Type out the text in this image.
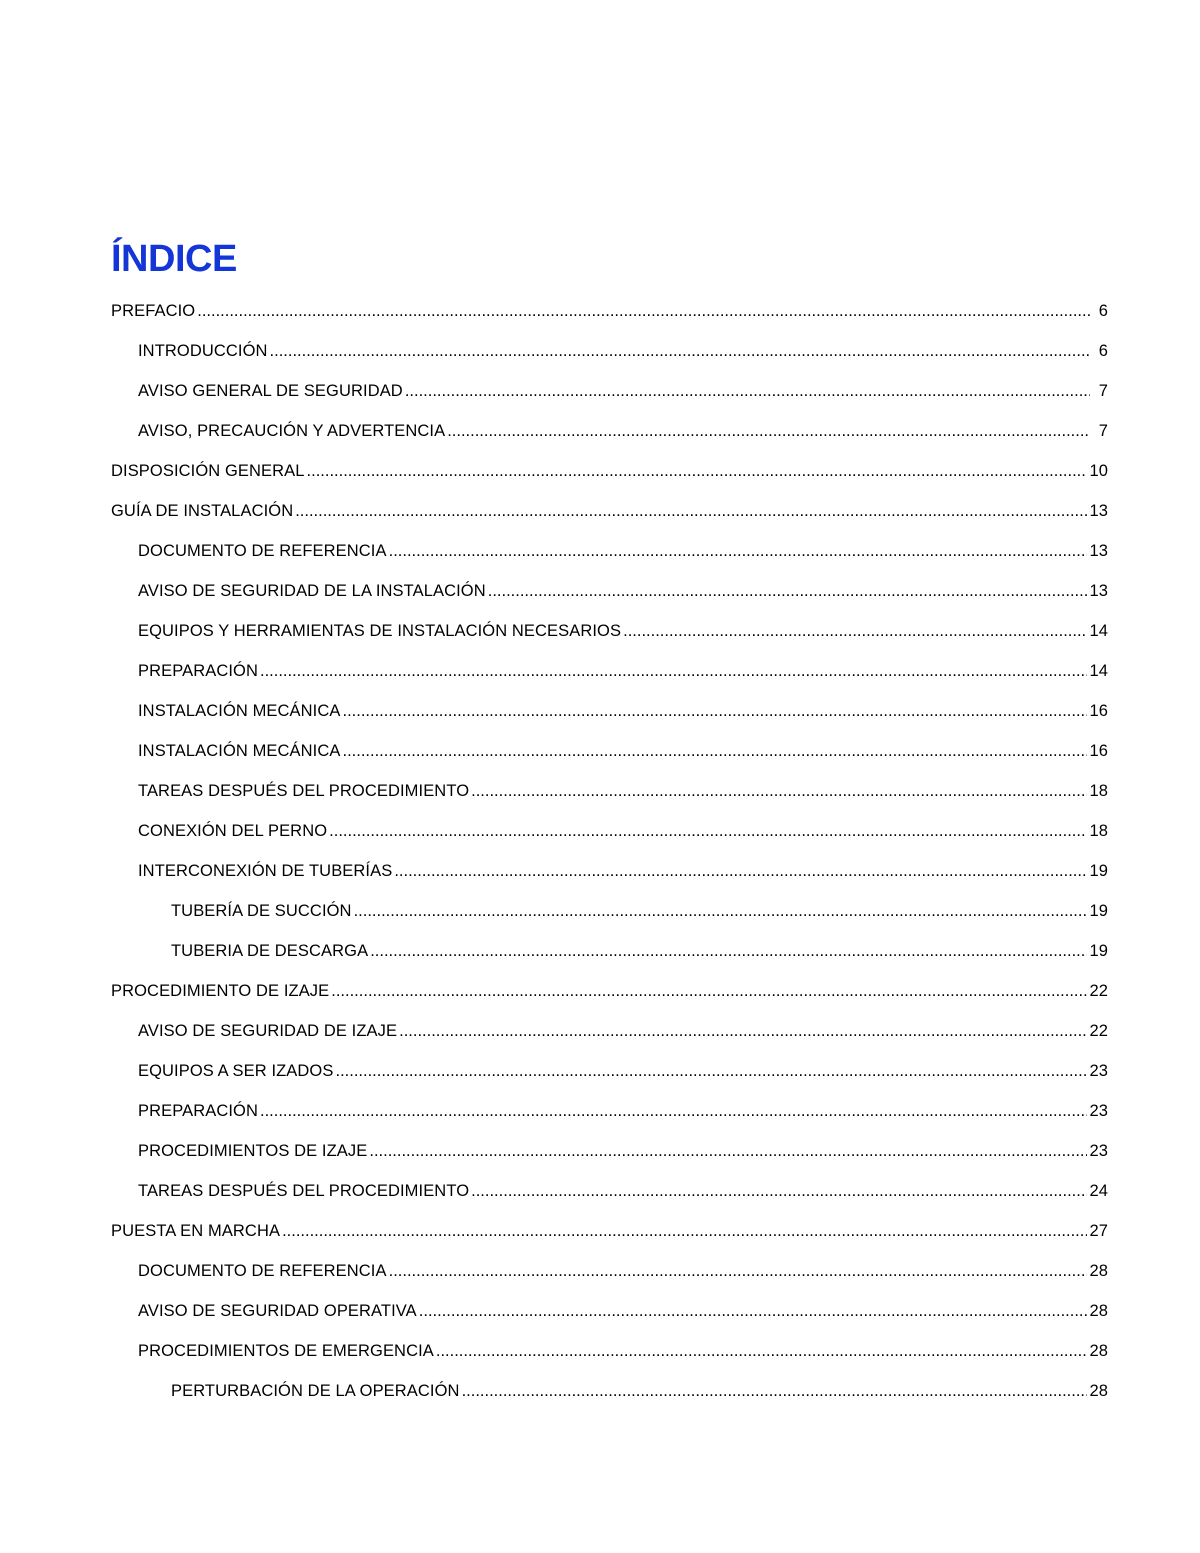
ÍNDICE
PREFACIO .....	6
INTRODUCCIÓN .....	6
AVISO GENERAL DE SEGURIDAD .....	7
AVISO, PRECAUCIÓN Y ADVERTENCIA .....	7
DISPOSICIÓN GENERAL .....	10
GUÍA DE INSTALACIÓN .....	13
DOCUMENTO DE REFERENCIA .....	13
AVISO DE SEGURIDAD DE LA INSTALACIÓN .....	13
EQUIPOS Y HERRAMIENTAS DE INSTALACIÓN NECESARIOS .....	14
PREPARACIÓN .....	14
INSTALACIÓN MECÁNICA .....	16
INSTALACIÓN MECÁNICA .....	16
TAREAS DESPUÉS DEL PROCEDIMIENTO .....	18
CONEXIÓN DEL PERNO .....	18
INTERCONEXIÓN DE TUBERÍAS .....	19
TUBERÍA DE SUCCIÓN .....	19
TUBERIA DE DESCARGA .....	19
PROCEDIMIENTO DE IZAJE .....	22
AVISO DE SEGURIDAD DE IZAJE .....	22
EQUIPOS A SER IZADOS .....	23
PREPARACIÓN .....	23
PROCEDIMIENTOS DE IZAJE .....	23
TAREAS DESPUÉS DEL PROCEDIMIENTO .....	24
PUESTA EN MARCHA .....	27
DOCUMENTO DE REFERENCIA .....	28
AVISO DE SEGURIDAD OPERATIVA .....	28
PROCEDIMIENTOS DE EMERGENCIA .....	28
PERTURBACIÓN DE LA OPERACIÓN .....	28
